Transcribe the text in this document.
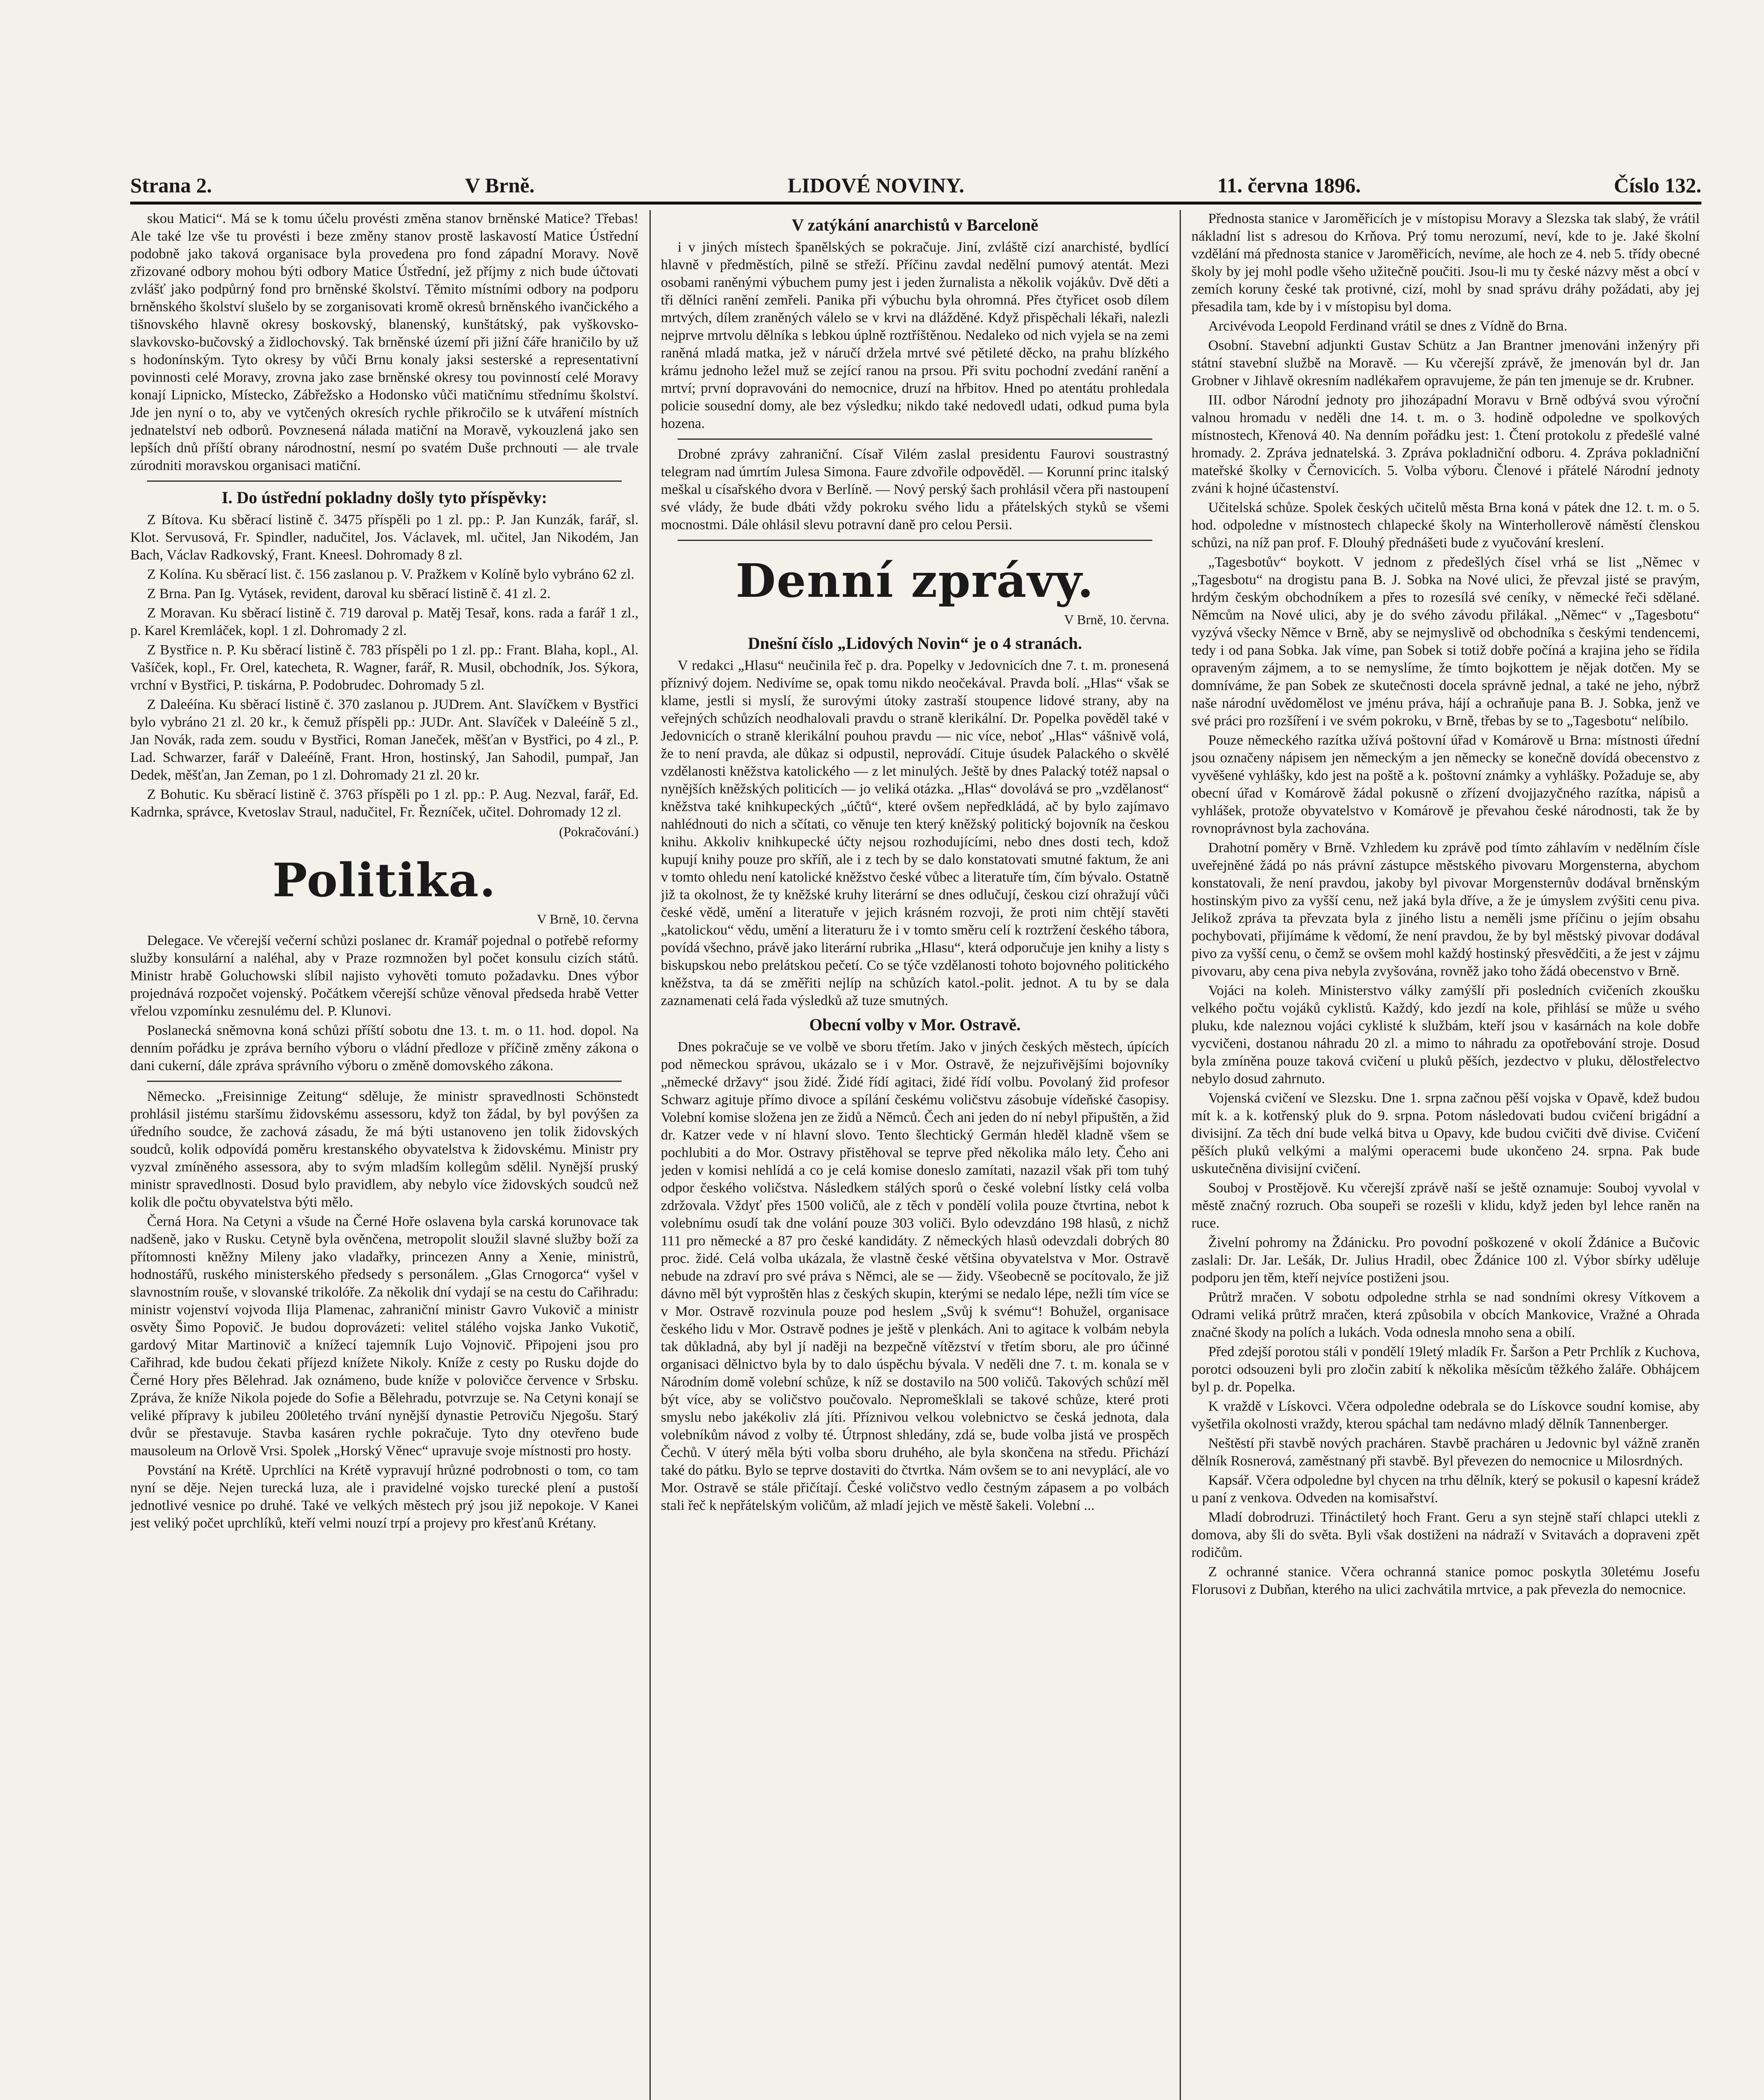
Strana 2.	V Brně.	LIDOVÉ NOVINY.	11. června 1896.	Číslo 132.

skou Matici“. Má se k tomu účelu provésti změna stanov brněnské Matice? Třebas! Ale také lze vše tu provésti i beze změny stanov prostě laskavostí Matice Ústřední podobně jako taková organisace byla provedena pro fond západní Moravy. Nově zřizované odbory mohou býti odbory Matice Ústřední, jež příjmy z nich bude účtovati zvlášť jako podpůrný fond pro brněnské školství. Těmito místními odbory na podporu brněnského školství slušelo by se zorganisovati kromě okresů brněnského ivančického a tišnovského hlavně okresy boskovský, blanenský, kunštátský, pak vyškovsko-slavkovsko-bučovský a židlochovský. Tak brněnské území při jižní čáře hraničilo by už s hodonínským. Tyto okresy by vůči Brnu konaly jaksi sesterské a representativní povinnosti celé Moravy, zrovna jako zase brněnské okresy tou povinností celé Moravy konají Lipnicko, Místecko, Zábřežsko a Hodonsko vůči matičnímu střednímu školství. Jde jen nyní o to, aby ve vytčených okresích rychle přikročilo se k utváření místních jednatelství neb odborů. Povznesená nálada matiční na Moravě, vykouzlená jako sen lepších dnů příští obrany národnostní, nesmí po svatém Duše prchnouti — ale trvale zúrodniti moravskou organisaci matiční.

I. Do ústřední pokladny došly tyto příspěvky:

Z Bítova. Ku sběrací listině č. 3475 příspěli po 1 zl. pp.: P. Jan Kunzák, farář, sl. Klot. Servusová, Fr. Spindler, nadučitel, Jos. Václavek, ml. učitel, Jan Nikodém, Jan Bach, Václav Radkovský, Frant. Kneesl. Dohromady 8 zl.

Z Kolína. Ku sběrací list. č. 156 zaslanou p. V. Pražkem v Kolíně bylo vybráno 62 zl.

Z Brna. Pan Ig. Vytásek, revident, daroval ku sběrací listině č. 41 zl. 2.

Z Moravan. Ku sběrací listině č. 719 daroval p. Matěj Tesař, kons. rada a farář 1 zl., p. Karel Kremláček, kopl. 1 zl. Dohromady 2 zl.

Z Bystřice n. P. Ku sběrací listině č. 783 příspěli po 1 zl. pp.: Frant. Blaha, kopl., Al. Vašíček, kopl., Fr. Orel, katecheta, R. Wagner, farář, R. Musil, obchodník, Jos. Sýkora, vrchní v Bystřici, P. tiskárna, P. Podobrudec. Dohromady 5 zl.

Z Daleéína. Ku sběrací listině č. 370 zaslanou p. JUDrem. Ant. Slavíčkem v Bystřici bylo vybráno 21 zl. 20 kr., k čemuž příspěli pp.: JUDr. Ant. Slavíček v Daleéíně 5 zl., Jan Novák, rada zem. soudu v Bystřici, Roman Janeček, měšťan v Bystřici, po 4 zl., P. Lad. Schwarzer, farář v Daleéíně, Frant. Hron, hostinský, Jan Sahodil, pumpař, Jan Dedek, měšťan, Jan Zeman, po 1 zl. Dohromady 21 zl. 20 kr.

Z Bohutic. Ku sběrací listině č. 3763 příspěli po 1 zl. pp.: P. Aug. Nezval, farář, Ed. Kadrnka, správce, Kvetoslav Straul, nadučitel, Fr. Řezníček, učitel. Dohromady 12 zl.

(Pokračování.)
Politika.
V Brně, 10. června

Delegace. Ve včerejší večerní schůzi poslanec dr. Kramář pojednal o potřebě reformy služby konsulární a naléhal, aby v Praze rozmnožen byl počet konsulu cizích států. Ministr hrabě Goluchowski slíbil najisto vyhověti tomuto požadavku. Dnes výbor projednává rozpočet vojenský. Počátkem včerejší schůze věnoval předseda hrabě Vetter vřelou vzpomínku zesnulému del. P. Klunovi.

Poslanecká sněmovna koná schůzi příští sobotu dne 13. t. m. o 11. hod. dopol. Na denním pořádku je zpráva berního výboru o vládní předloze v příčině změny zákona o dani cukerní, dále zpráva správního výboru o změně domovského zákona.

Německo. „Freisinnige Zeitung“ sděluje, že ministr spravedlnosti Schönstedt prohlásil jistému staršímu židovskému assessoru, když ton žádal, by byl povýšen za úředního soudce, že zachová zásadu, že má býti ustanoveno jen tolik židovských soudců, kolik odpovídá poměru krestanského obyvatelstva k židovskému. Ministr pry vyzval zmíněného assessora, aby to svým mladším kollegům sdělil. Nynější pruský ministr spravedlnosti. Dosud bylo pravidlem, aby nebylo více židovských soudců než kolik dle počtu obyvatelstva býti mělo.

Černá Hora. Na Cetyni a všude na Černé Hoře oslavena byla carská korunovace tak nadšeně, jako v Rusku. Cetyně byla ověnčena, metropolit sloužil slavné služby boží za přítomnosti kněžny Mileny jako vladařky, princezen Anny a Xenie, ministrů, hodnostářů, ruského ministerského předsedy s personálem. „Glas Crnogorca“ vyšel v slavnostním rouše, v slovanské trikolóře. Za několik dní vydají se na cestu do Cařihradu: ministr vojenství vojvoda Ilija Plamenac, zahraniční ministr Gavro Vukovič a ministr osvěty Šimo Popovič. Je budou doprovázeti: velitel stálého vojska Janko Vukotič, gardový Mitar Martinovič a knížecí tajemník Lujo Vojnovič. Připojeni jsou pro Cařihrad, kde budou čekati příjezd knížete Nikoly. Kníže z cesty po Rusku dojde do Černé Hory přes Bělehrad. Jak oznámeno, bude kníže v polovičce července v Srbsku. Zpráva, že kníže Nikola pojede do Sofie a Bělehradu, potvrzuje se. Na Cetyni konají se veliké přípravy k jubileu 200letého trvání nynější dynastie Petroviču Njegošu. Starý dvůr se přestavuje. Stavba kasáren rychle pokračuje. Tyto dny otevřeno bude mausoleum na Orlově Vrsi. Spolek „Horský Věnec“ upravuje svoje místnosti pro hosty.

Povstání na Krétě. Uprchlíci na Krétě vypravují hrůzné podrobnosti o tom, co tam nyní se děje. Nejen turecká luza, ale i pravidelné vojsko turecké plení a pustoší jednotlivé vesnice po druhé. Také ve velkých městech prý jsou již nepokoje. V Kanei jest veliký počet uprchlíků, kteří velmi nouzí trpí a projevy pro křesťanů Krétany.

V zatýkání anarchistů v Barceloně

i v jiných místech španělských se pokračuje. Jiní, zvláště cizí anarchisté, bydlící hlavně v předměstích, pilně se střeží. Příčinu zavdal nedělní pumový atentát. Mezi osobami raněnými výbuchem pumy jest i jeden žurnalista a několik vojákův. Dvě děti a tři dělníci ranění zemřeli. Panika při výbuchu byla ohromná. Přes čtyřicet osob dílem mrtvých, dílem zraněných válelo se v krvi na dlážděné. Když přispěchali lékaři, nalezli nejprve mrtvolu dělníka s lebkou úplně roztříštěnou. Nedaleko od nich vyjela se na zemi raněná mladá matka, jež v náručí držela mrtvé své pětileté děcko, na prahu blízkého krámu jednoho ležel muž se zející ranou na prsou. Při svitu pochodní zvedání ranění a mrtví; první dopravováni do nemocnice, druzí na hřbitov. Hned po atentátu prohledala policie sousední domy, ale bez výsledku; nikdo také nedovedl udati, odkud puma byla hozena.

Drobné zprávy zahraniční. Císař Vilém zaslal presidentu Faurovi soustrastný telegram nad úmrtím Julesa Simona. Faure zdvořile odpověděl. — Korunní princ italský meškal u císařského dvora v Berlíně. — Nový perský šach prohlásil včera při nastoupení své vlády, že bude dbáti vždy pokroku svého lidu a přátelských styků se všemi mocnostmi. Dále ohlásil slevu potravní daně pro celou Persii.

Denní zprávy.
V Brně, 10. června.
Dnešní číslo „Lidových Novin“ je o 4 stranách.

V redakci „Hlasu“ neučinila řeč p. dra. Popelky v Jedovnicích dne 7. t. m. pronesená příznivý dojem. Nedivíme se, opak tomu nikdo neočekával. Pravda bolí. „Hlas“ však se klame, jestli si myslí, že surovými útoky zastraší stoupence lidové strany, aby na veřejných schůzích neodhalovali pravdu o straně klerikální. Dr. Popelka pověděl také v Jedovnicích o straně klerikální pouhou pravdu — nic více, neboť „Hlas“ vášnivě volá, že to není pravda, ale důkaz si odpustil, neprovádí. Cituje úsudek Palackého o skvělé vzdělanosti kněžstva katolického — z let minulých. Ještě by dnes Palacký totéž napsal o nynějších kněžských politicích — jo veliká otázka. „Hlas“ dovolává se pro „vzdělanost“ kněžstva také knihkupeckých „účtů“, které ovšem nepředkládá, ač by bylo zajímavo nahlédnouti do nich a sčítati, co věnuje ten který kněžský politický bojovník na českou knihu. Akkoliv knihkupecké účty nejsou rozhodujícími, nebo dnes dosti tech, kdož kupují knihy pouze pro skříň, ale i z tech by se dalo konstatovati smutné faktum, že ani v tomto ohledu není katolické kněžstvo české vůbec a literatuře tím, čím bývalo. Ostatně již ta okolnost, že ty kněžské kruhy literární se dnes odlučují, českou cizí ohražují vůči české vědě, umění a literatuře v jejich krásném rozvoji, že proti nim chtějí stavěti „katolickou“ vědu, umění a literaturu že i v tomto směru celí k roztržení českého tábora, povídá všechno, právě jako literární rubrika „Hlasu“, která odporučuje jen knihy a listy s biskupskou nebo prelátskou pečetí. Co se týče vzdělanosti tohoto bojovného politického kněžstva, ta dá se změřiti nejlíp na schůzích katol.-polit. jednot. A tu by se dala zaznamenati celá řada výsledků až tuze smutných.

Obecní volby v Mor. Ostravě.

Dnes pokračuje se ve volbě ve sboru třetím. Jako v jiných českých městech, úpících pod německou správou, ukázalo se i v Mor. Ostravě, že nejzuřivějšími bojovníky „německé državy“ jsou židé. Židé řídí agitaci, židé řídí volbu. Povolaný žid profesor Schwarz agituje přímo divoce a spílání českému voličstvu zásobuje vídeňské časopisy. Volební komise složena jen ze židů a Němců. Čech ani jeden do ní nebyl připuštěn, a žid dr. Katzer vede v ní hlavní slovo. Tento šlechtický Germán hleděl kladně všem se pochlubiti a do Mor. Ostravy přistěhoval se teprve před několika málo lety. Čeho ani jeden v komisi nehlídá a co je celá komise doneslo zamítati, nazazil však při tom tuhý odpor českého voličstva. Následkem stálých sporů o české volební lístky celá volba zdržovala. Vždyť přes 1500 voličů, ale z těch v pondělí volila pouze čtvrtina, nebot k volebnímu osudí tak dne volání pouze 303 voliči. Bylo odevzdáno 198 hlasů, z nichž 111 pro německé a 87 pro české kandidáty. Z německých hlasů odevzdali dobrých 80 proc. židé. Celá volba ukázala, že vlastně české většina obyvatelstva v Mor. Ostravě nebude na zdraví pro své práva s Němci, ale se — židy. Všeobecně se pocítovalo, že již dávno měl být vyproštěn hlas z českých skupin, kterými se nedalo lépe, nežli tím více se v Mor. Ostravě rozvinula pouze pod heslem „Svůj k svému“! Bohužel, organisace českého lidu v Mor. Ostravě podnes je ještě v plenkách. Ani to agitace k volbám nebyla tak důkladná, aby byl jí naději na bezpečně vítězství v třetím sboru, ale pro účinné organisaci dělnictvo byla by to dalo úspěchu bývala. V neděli dne 7. t. m. konala se v Národním domě volební schůze, k níž se dostavilo na 500 voličů. Takových schůzí měl být více, aby se voličstvo poučovalo. Nepromešklali se takové schůze, které proti smyslu nebo jakékoliv zlá jíti. Příznivou velkou volebnictvo se česká jednota, dala volebníkům návod z volby té. Útrpnost shledány, zdá se, bude volba jistá ve prospěch Čechů. V úterý měla býti volba sboru druhého, ale byla skončena na středu. Přichází také do pátku. Bylo se teprve dostaviti do čtvrtka. Nám ovšem se to ani nevyplácí, ale vo Mor. Ostravě se stále přičítají. České voličstvo vedlo čestným zápasem a po volbách stali řeč k nepřátelským voličům, až mladí jejich ve městě šakeli. Volební ...

Přednosta stanice v Jaroměřicích je v místopisu Moravy a Slezska tak slabý, že vrátil nákladní list s adresou do Krňova. Prý tomu nerozumí, neví, kde to je. Jaké školní vzdělání má přednosta stanice v Jaroměřicích, nevíme, ale hoch ze 4. neb 5. třídy obecné školy by jej mohl podle všeho užitečně poučiti. Jsou-li mu ty české názvy měst a obcí v zemích koruny české tak protivné, cizí, mohl by snad správu dráhy požádati, aby jej přesadila tam, kde by i v místopisu byl doma.

Arcivévoda Leopold Ferdinand vrátil se dnes z Vídně do Brna.

Osobní. Stavební adjunkti Gustav Schütz a Jan Brantner jmenováni inženýry při státní stavební službě na Moravě. — Ku včerejší zprávě, že jmenován byl dr. Jan Grobner v Jihlavě okresním nadlékařem opravujeme, že pán ten jmenuje se dr. Krubner.

III. odbor Národní jednoty pro jihozápadní Moravu v Brně odbývá svou výroční valnou hromadu v neděli dne 14. t. m. o 3. hodině odpoledne ve spolkových místnostech, Křenová 40. Na denním pořádku jest: 1. Čtení protokolu z předešlé valné hromady. 2. Zpráva jednatelská. 3. Zpráva pokladniční odboru. 4. Zpráva pokladniční mateřské školky v Černovicích. 5. Volba výboru. Členové i přátelé Národní jednoty zváni k hojné účastenství.

Učitelská schůze. Spolek českých učitelů města Brna koná v pátek dne 12. t. m. o 5. hod. odpoledne v místnostech chlapecké školy na Winterhollerově náměstí členskou schůzi, na níž pan prof. F. Dlouhý přednášeti bude z vyučování kreslení.

„Tagesbotův“ boykott. V jednom z předešlých čísel vrhá se list „Němec v „Tagesbotu“ na drogistu pana B. J. Sobka na Nové ulici, že převzal jisté se pravým, hrdým českým obchodníkem a přes to rozesílá své ceníky, v německé řeči sdělané. Němcům na Nové ulici, aby je do svého závodu přilákal. „Němec“ v „Tagesbotu“ vyzývá všecky Němce v Brně, aby se nejmyslivě od obchodníka s českými tendencemi, tedy i od pana Sobka. Jak víme, pan Sobek si totiž dobře počíná a krajina jeho se řídila opraveným zájmem, a to se nemyslíme, že tímto bojkottem je nějak dotčen. My se domníváme, že pan Sobek ze skutečnosti docela správně jednal, a také ne jeho, nýbrž naše národní uvědomělost ve jménu práva, hájí a ochraňuje pana B. J. Sobka, jenž ve své práci pro rozšíření i ve svém pokroku, v Brně, třebas by se to „Tagesbotu“ nelíbilo.

Pouze německého razítka užívá poštovní úřad v Komárově u Brna: místnosti úřední jsou označeny nápisem jen německým a jen německy se konečně dovídá obecenstvo z vyvěšené vyhlášky, kdo jest na poště a k. poštovní známky a vyhlášky. Požaduje se, aby obecní úřad v Komárově žádal pokusně o zřízení dvojjazyčného razítka, nápisů a vyhlášek, protože obyvatelstvo v Komárově je převahou české národnosti, tak že by rovnoprávnost byla zachována.

Drahotní poměry v Brně. Vzhledem ku zprávě pod tímto záhlavím v nedělním čísle uveřejněné žádá po nás právní zástupce městského pivovaru Morgensterna, abychom konstatovali, že není pravdou, jakoby byl pivovar Morgensternův dodával brněnským hostinským pivo za vyšší cenu, než jaká byla dříve, a že je úmyslem zvýšiti cenu piva. Jelikož zpráva ta převzata byla z jiného listu a neměli jsme příčinu o jejím obsahu pochybovati, přijímáme k vědomí, že není pravdou, že by byl městský pivovar dodával pivo za vyšší cenu, o čemž se ovšem mohl každý hostinský přesvědčiti, a že jest v zájmu pivovaru, aby cena piva nebyla zvyšována, rovněž jako toho žádá obecenstvo v Brně.

Vojáci na koleh. Ministerstvo války zamýšlí při posledních cvičeních zkoušku velkého počtu vojáků cyklistů. Každý, kdo jezdí na kole, přihlásí se může u svého pluku, kde naleznou vojáci cyklisté k službám, kteří jsou v kasárnách na kole dobře vycvičeni, dostanou náhradu 20 zl. a mimo to náhradu za opotřebování stroje. Dosud byla zmíněna pouze taková cvičení u pluků pěších, jezdectvo v pluku, dělostřelectvo nebylo dosud zahrnuto.

Vojenská cvičení ve Slezsku. Dne 1. srpna začnou pěší vojska v Opavě, kdež budou mít k. a k. kotřenský pluk do 9. srpna. Potom následovati budou cvičení brigádní a divisijní. Za těch dní bude velká bitva u Opavy, kde budou cvičiti dvě divise. Cvičení pěších pluků velkými a malými operacemi bude ukončeno 24. srpna. Pak bude uskutečněna divisijní cvičení.

Souboj v Prostějově. Ku včerejší zprávě naší se ještě oznamuje: Souboj vyvolal v městě značný rozruch. Oba soupeři se rozešli v klidu, když jeden byl lehce raněn na ruce.

Živelní pohromy na Ždánicku. Pro povodní poškozené v okolí Ždánice a Bučovic zaslali: Dr. Jar. Lešák, Dr. Julius Hradil, obec Ždánice 100 zl. Výbor sbírky uděluje podporu jen těm, kteří nejvíce postiženi jsou.

Průtrž mračen. V sobotu odpoledne strhla se nad sondními okresy Vítkovem a Odrami veliká průtrž mračen, která způsobila v obcích Mankovice, Vražné a Ohrada značné škody na polích a lukách. Voda odnesla mnoho sena a obilí.

Před zdejší porotou stáli v pondělí 19letý mladík Fr. Šaršon a Petr Prchlík z Kuchova, porotci odsouzeni byli pro zločin zabití k několika měsícům těžkého žaláře. Obhájcem byl p. dr. Popelka.

K vraždě v Lískovci. Včera odpoledne odebrala se do Lískovce soudní komise, aby vyšetřila okolnosti vraždy, kterou spáchal tam nedávno mladý dělník Tannenberger.

Neštěstí při stavbě nových pracháren. Stavbě pracháren u Jedovnic byl vážně zraněn dělník Rosnerová, zaměstnaný při stavbě. Byl převezen do nemocnice u Milosrdných.

Kapsář. Včera odpoledne byl chycen na trhu dělník, který se pokusil o kapesní krádež u paní z venkova. Odveden na komisařství.

Mladí dobrodruzi. Třináctiletý hoch Frant. Geru a syn stejně staří chlapci utekli z domova, aby šli do světa. Byli však dostiženi na nádraží v Svitavách a dopraveni zpět rodičům.

Z ochranné stanice. Včera ochranná stanice pomoc poskytla 30letému Josefu Florusovi z Dubňan, kterého na ulici zachvátila mrtvice, a pak převezla do nemocnice.
